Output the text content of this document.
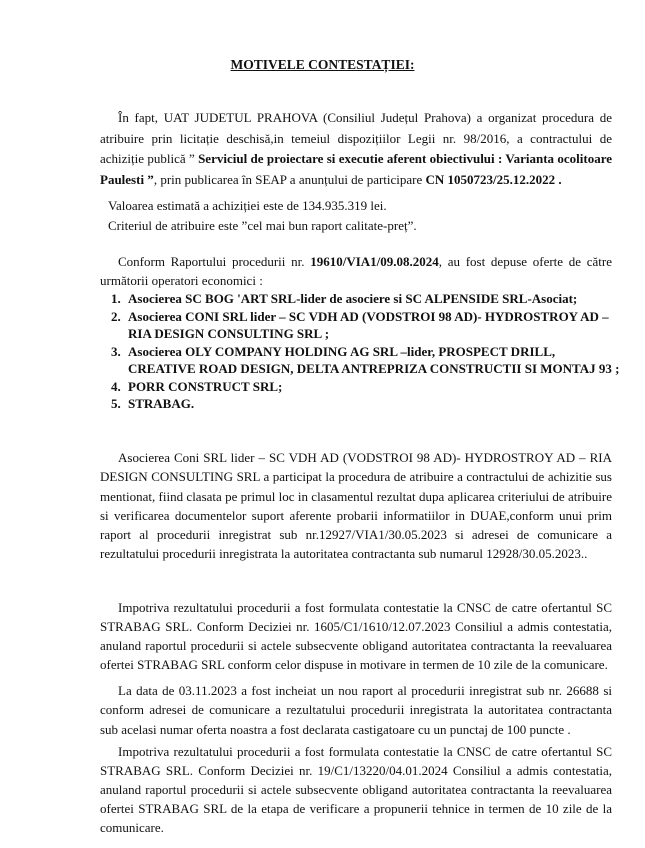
MOTIVELE CONTESTAȚIEI:

În fapt, UAT JUDETUL PRAHOVA (Consiliul Județul Prahova) a organizat procedura de atribuire prin licitație deschisă,in temeiul dispozițiilor Legii nr. 98/2016, a contractului de achiziție publică ” Serviciul de proiectare si executie aferent obiectivului : Varianta ocolitoare Paulesti ”, prin publicarea în SEAP a anunțului de participare CN 1050723/25.12.2022 .

Valoarea estimată a achiziției este de 134.935.319 lei.

Criteriul de atribuire este ”cel mai bun raport calitate-preț”.

Conform Raportului procedurii nr. 19610/VIA1/09.08.2024, au fost depuse oferte de către următorii operatori economici :

1. Asocierea SC BOG 'ART SRL-lider de asociere si SC ALPENSIDE SRL-Asociat;
2. Asocierea CONI SRL lider – SC VDH AD (VODSTROI 98 AD)- HYDROSTROY AD – RIA DESIGN CONSULTING SRL ;
3. Asocierea OLY COMPANY HOLDING AG SRL –lider, PROSPECT DRILL, CREATIVE ROAD DESIGN, DELTA ANTREPRIZA CONSTRUCTII SI MONTAJ 93 ;
4. PORR CONSTRUCT SRL;
5. STRABAG.

Asocierea Coni SRL lider – SC VDH AD (VODSTROI 98 AD)- HYDROSTROY AD – RIA DESIGN CONSULTING SRL a participat la procedura de atribuire a contractului de achizitie sus mentionat, fiind clasata pe primul loc in clasamentul rezultat dupa aplicarea criteriului de atribuire si verificarea documentelor suport aferente probarii informatiilor in DUAE,conform unui prim raport al procedurii inregistrat sub nr.12927/VIA1/30.05.2023 si adresei de comunicare a rezultatului procedurii inregistrata la autoritatea contractanta sub numarul 12928/30.05.2023..

Impotriva rezultatului procedurii a fost formulata contestatie la CNSC de catre ofertantul SC STRABAG SRL. Conform Deciziei nr. 1605/C1/1610/12.07.2023 Consiliul a admis contestatia, anuland raportul procedurii si actele subsecvente obligand autoritatea contractanta la reevaluarea ofertei STRABAG SRL conform celor dispuse in motivare in termen de 10 zile de la comunicare.

La data de 03.11.2023 a fost incheiat un nou raport al procedurii inregistrat sub nr. 26688 si conform adresei de comunicare a rezultatului procedurii inregistrata la autoritatea contractanta sub acelasi numar oferta noastra a fost declarata castigatoare cu un punctaj de 100 puncte .

Impotriva rezultatului procedurii a fost formulata contestatie la CNSC de catre ofertantul SC STRABAG SRL. Conform Deciziei nr. 19/C1/13220/04.01.2024 Consiliul a admis contestatia, anuland raportul procedurii si actele subsecvente obligand autoritatea contractanta la reevaluarea ofertei STRABAG SRL de la etapa de verificare a propunerii tehnice in termen de 10 zile de la comunicare.
